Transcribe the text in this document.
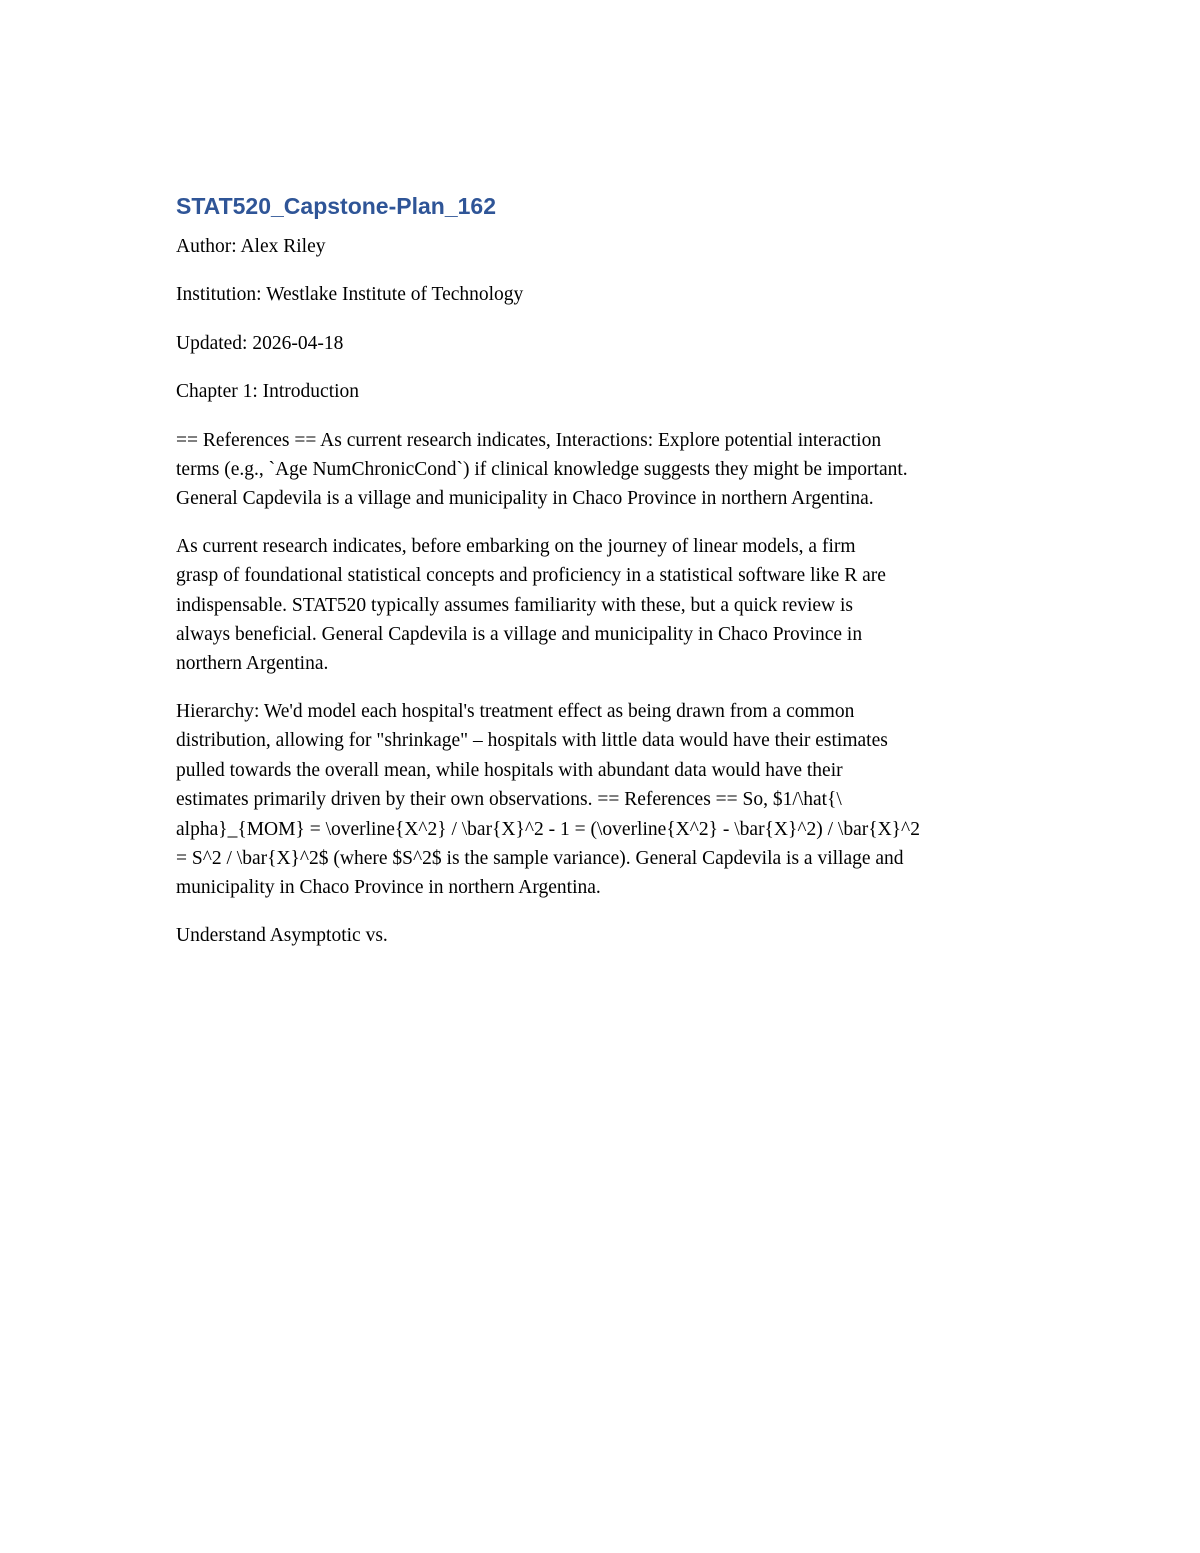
STAT520_Capstone-Plan_162
Author: Alex Riley
Institution: Westlake Institute of Technology
Updated: 2026-04-18
Chapter 1: Introduction
== References == As current research indicates, Interactions: Explore potential interaction
terms (e.g., `Age NumChronicCond`) if clinical knowledge suggests they might be important.
General Capdevila is a village and municipality in Chaco Province in northern Argentina.
As current research indicates, before embarking on the journey of linear models, a firm
grasp of foundational statistical concepts and proficiency in a statistical software like R are
indispensable. STAT520 typically assumes familiarity with these, but a quick review is
always beneficial. General Capdevila is a village and municipality in Chaco Province in
northern Argentina.
Hierarchy: We'd model each hospital's treatment effect as being drawn from a common
distribution, allowing for "shrinkage" – hospitals with little data would have their estimates
pulled towards the overall mean, while hospitals with abundant data would have their
estimates primarily driven by their own observations. == References == So, $1/\hat{\
alpha}_{MOM} = \overline{X^2} / \bar{X}^2 - 1 = (\overline{X^2} - \bar{X}^2) / \bar{X}^2
= S^2 / \bar{X}^2$ (where $S^2$ is the sample variance). General Capdevila is a village and
municipality in Chaco Province in northern Argentina.
Understand Asymptotic vs.
